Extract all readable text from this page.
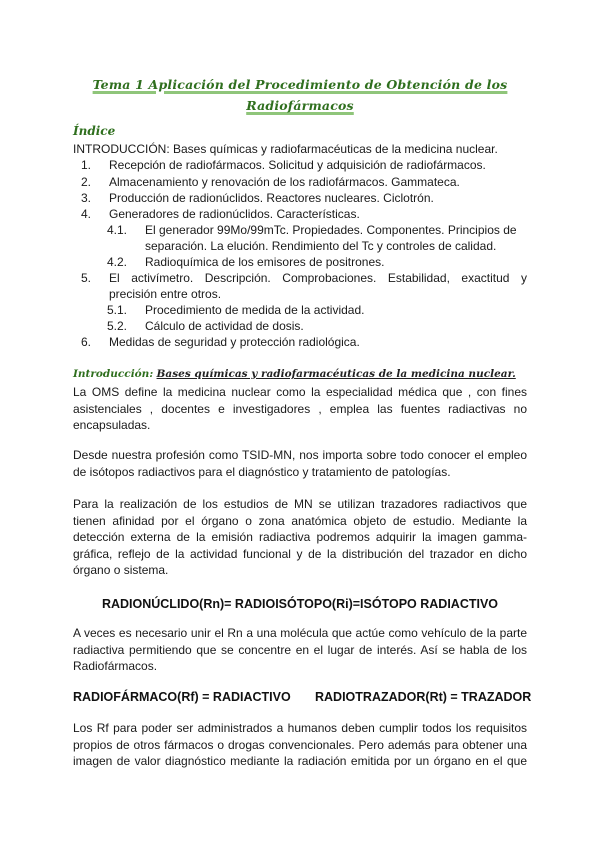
Tema 1 Aplicación del Procedimiento de Obtención de los
Radiofármacos
Índice
INTRODUCCIÓN: Bases químicas y radiofarmacéuticas de la medicina nuclear.
1. Recepción de radiofármacos. Solicitud y adquisición de radiofármacos.
2. Almacenamiento y renovación de los radiofármacos. Gammateca.
3. Producción de radionúclidos. Reactores nucleares. Ciclotrón.
4. Generadores de radionúclidos. Características.
4.1. El generador 99Mo/99mTc. Propiedades. Componentes. Principios de
separación. La elución. Rendimiento del Tc y controles de calidad.
4.2. Radioquímica de los emisores de positrones.
5. El activímetro. Descripción. Comprobaciones. Estabilidad, exactitud y
precisión entre otros.
5.1. Procedimiento de medida de la actividad.
5.2. Cálculo de actividad de dosis.
6. Medidas de seguridad y protección radiológica.
Introducción: Bases químicas y radiofarmacéuticas de la medicina nuclear.
La OMS define la medicina nuclear como la especialidad médica que , con fines asistenciales , docentes e investigadores , emplea las fuentes radiactivas no encapsuladas.
Desde nuestra profesión como TSID-MN, nos importa sobre todo conocer el empleo de isótopos radiactivos para el diagnóstico y tratamiento de patologías.
Para la realización de los estudios de MN se utilizan trazadores radiactivos que tienen afinidad por el órgano o zona anatómica objeto de estudio. Mediante la detección externa de la emisión radiactiva podremos adquirir la imagen gamma-gráfica, reflejo de la actividad funcional y de la distribución del trazador en dicho órgano o sistema.
RADIONÚCLIDO(Rn)= RADIOISÓTOPO(Ri)=ISÓTOPO RADIACTIVO
A veces es necesario unir el Rn a una molécula que actúe como vehículo de la parte radiactiva permitiendo que se concentre en el lugar de interés. Así se habla de los Radiofármacos.
RADIOFÁRMACO(Rf) = RADIACTIVO RADIOTRAZADOR(Rt) = TRAZADOR
Los Rf para poder ser administrados a humanos deben cumplir todos los requisitos propios de otros fármacos o drogas convencionales. Pero además para obtener una imagen de valor diagnóstico mediante la radiación emitida por un órgano en el que
